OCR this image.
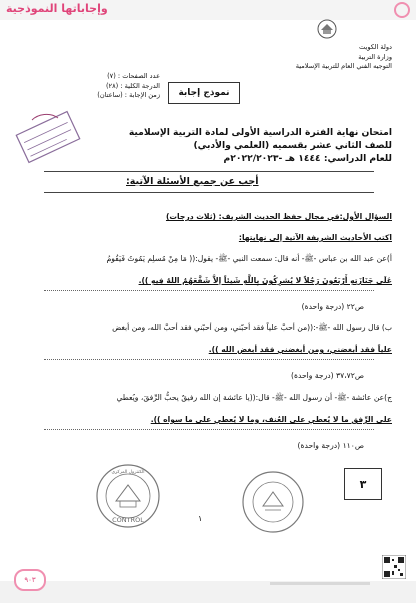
وإجاباتها النموذجية
دولة الكويت
وزارة التربية
التوجيه الفني العام للتربية الإسلامية
عدد الصفحات : (٧)
الدرجة الكلية : (٢٨)
زمن الإجابة : (ساعتان)	نموذج إجابة
امتحان نهاية الفترة الدراسية الأولى لمادة التربية الإسلامية
للصف الثاني عشر بقسميه (العلمي والأدبي)
للعام الدراسي: ١٤٤٤ هـ -٢٠٢٢/٢٠٢٣م
أجب عن جميع الأسئلة الآتية:
السؤال الأول:في مجال حفظ الحديث الشريف: (ثلاث درجات)
اكتب الأحاديث الشريفة الآتية إلى نهايتها:
أ)عن عبد الله بن عباس -ﷺ- أنه قال: سمعت النبي -ﷺ- يقول:(( مَا مِنْ مُسلِم يَمُوتُ فَيَقُومُ
عَلَى جَنَازَتِهِ أَرْبَعُونَ رَجُلاً لا يُشرِكُونَ بِاللَّهِ شَيئاً إلاَّ شَفَّعَهُمُ اللهُ فِيهِ )).
ص٢٢ (درجة واحدة)
ب) قال رسول الله -ﷺ-:((من أحبَّ علياً فقد أحبّني، ومن أحبّني فقد أحبَّ الله، ومن أبغض
علياً فقد أبغضني، ومن أبغضني فقد أبغض الله )).
ص٣٧،٧٢ (درجة واحدة)
ج)عن عائشة -ﷺ- أن رسول الله -ﷺ- قال:((يا عائشة إن الله رفيقٌ يحبُّ الرِّفقَ، ويُعطي
على الرِّفق ما لا يُعطي على العُنف، وما لا يُعطي على ما سواه )).
ص١١٠ (درجة واحدة)
٣
CONTROL
الكنترول المركزي
١
٩٠٣
